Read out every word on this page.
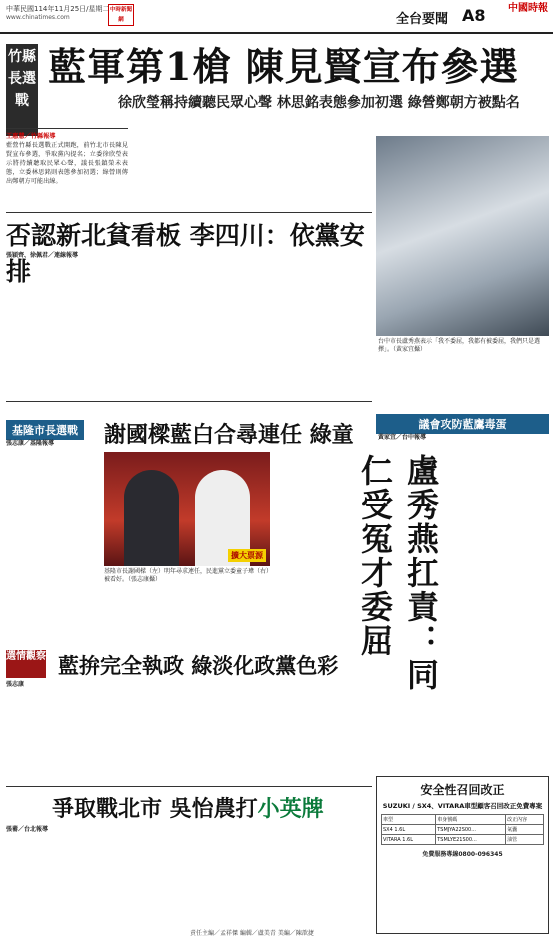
中華民國114年11月25日/星期二
www.chinatimes.com
中時新聞網	全台要聞 A8 中國時報
竹縣長選戰
藍軍第1槍 陳見賢宣布參選
徐欣瑩稱持續聽民眾心聲 林思銘表態參加初選 綠營鄭朝方被點名
王惠慧／竹縣報導
藍營竹縣長選戰正式開跑，前竹北市長陳見賢宣布參選，爭取黨內提名；立委徐欣瑩表示將持續聽取民眾心聲，議長張鎮榮未表態，立委林思銘則表態參加初選；綠營則傳出鄭朝方可能出線。
台中市長盧秀燕表示「我不委屈，我都有被委屈，我們只是選擇」。（黃家宜攝）
否認新北貧看板 李四川：依黨安排
張穎齊、徐佩君／連線報導
基隆市長選戰
張志康／基隆報導 謝國樑藍白合尋連任 綠童
擴大票源
基隆市長謝國樑（左）明年尋求連任，民進黨立委童子瑋（右）被看好。（張志康攝）
議會攻防藍鷹毒蛋
黃家宜／台中報導
盧秀燕扛責：同仁受冤才委屈
選情觀察
張志康
藍拚完全執政 綠淡化政黨色彩
爭取戰北市 吳怡農打小英牌
張薷／台北報導
安全性召回改正
SUZUKI / SX4、VITARA車型顧客召回改正免費專案
車型	車身號碼	改正內容
SX4 1.6L	TSMJYA22S00...	氣囊
VITARA 1.6L	TSMLYE21S00...	油管
免費服務專線0800-096345
責任主編／孟祥傑 編輯／盧美青 美編／陳歆捷
